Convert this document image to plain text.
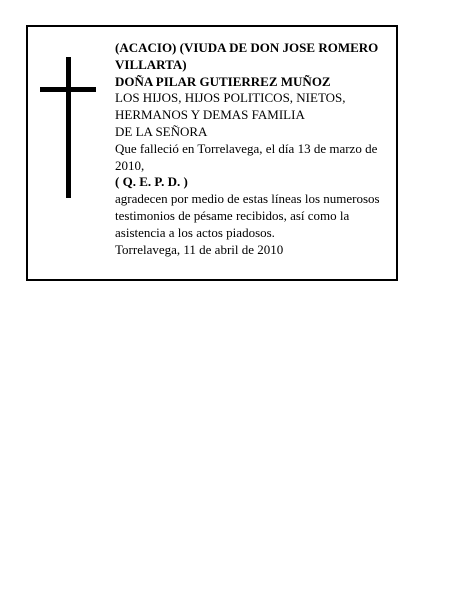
(ACACIO) (VIUDA DE DON JOSE ROMERO VILLARTA)

DOÑA PILAR GUTIERREZ MUÑOZ

LOS HIJOS, HIJOS POLITICOS, NIETOS, HERMANOS Y DEMAS FAMILIA

DE LA SEÑORA

Que falleció en Torrelavega, el día 13 de marzo de 2010,

( Q. E. P. D. )

agradecen por medio de estas líneas los numerosos testimonios de pésame recibidos, así como la asistencia a los actos piadosos.

Torrelavega, 11 de abril de 2010
